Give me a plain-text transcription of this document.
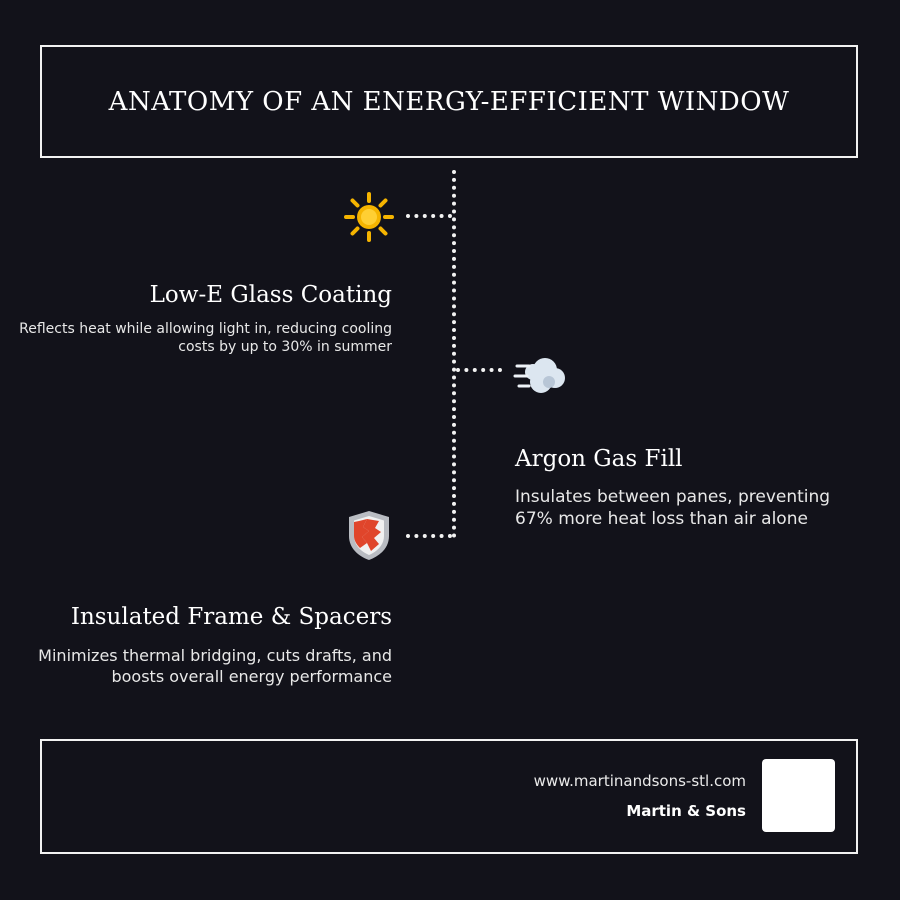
ANATOMY OF AN ENERGY-EFFICIENT WINDOW
Low-E Glass Coating
Reflects heat while allowing light in, reducing cooling costs by up to 30% in summer
Argon Gas Fill
Insulates between panes, preventing 67% more heat loss than air alone
Insulated Frame & Spacers
Minimizes thermal bridging, cuts drafts, and boosts overall energy performance
www.martinandsons-stl.com
Martin & Sons
